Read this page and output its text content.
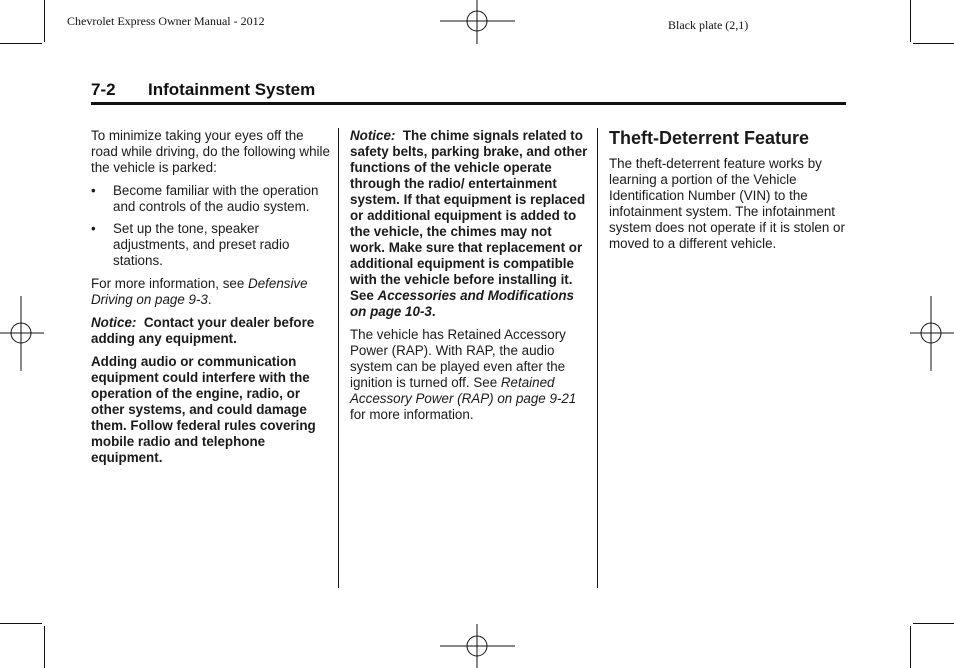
Chevrolet Express Owner Manual - 2012	Black plate (2,1)
7-2 Infotainment System

To minimize taking your eyes off the road while driving, do the following while the vehicle is parked:

• Become familiar with the operation and controls of the audio system.
• Set up the tone, speaker adjustments, and preset radio stations.

For more information, see Defensive Driving on page 9-3.

Notice: Contact your dealer before adding any equipment.

Adding audio or communication equipment could interfere with the operation of the engine, radio, or other systems, and could damage them. Follow federal rules covering mobile radio and telephone equipment.

Notice: The chime signals related to safety belts, parking brake, and other functions of the vehicle operate through the radio/ entertainment system. If that equipment is replaced or additional equipment is added to the vehicle, the chimes may not work. Make sure that replacement or additional equipment is compatible with the vehicle before installing it. See Accessories and Modifications on page 10-3.

The vehicle has Retained Accessory Power (RAP). With RAP, the audio system can be played even after the ignition is turned off. See Retained Accessory Power (RAP) on page 9-21 for more information.

Theft-Deterrent Feature

The theft-deterrent feature works by learning a portion of the Vehicle Identification Number (VIN) to the infotainment system. The infotainment system does not operate if it is stolen or moved to a different vehicle.
